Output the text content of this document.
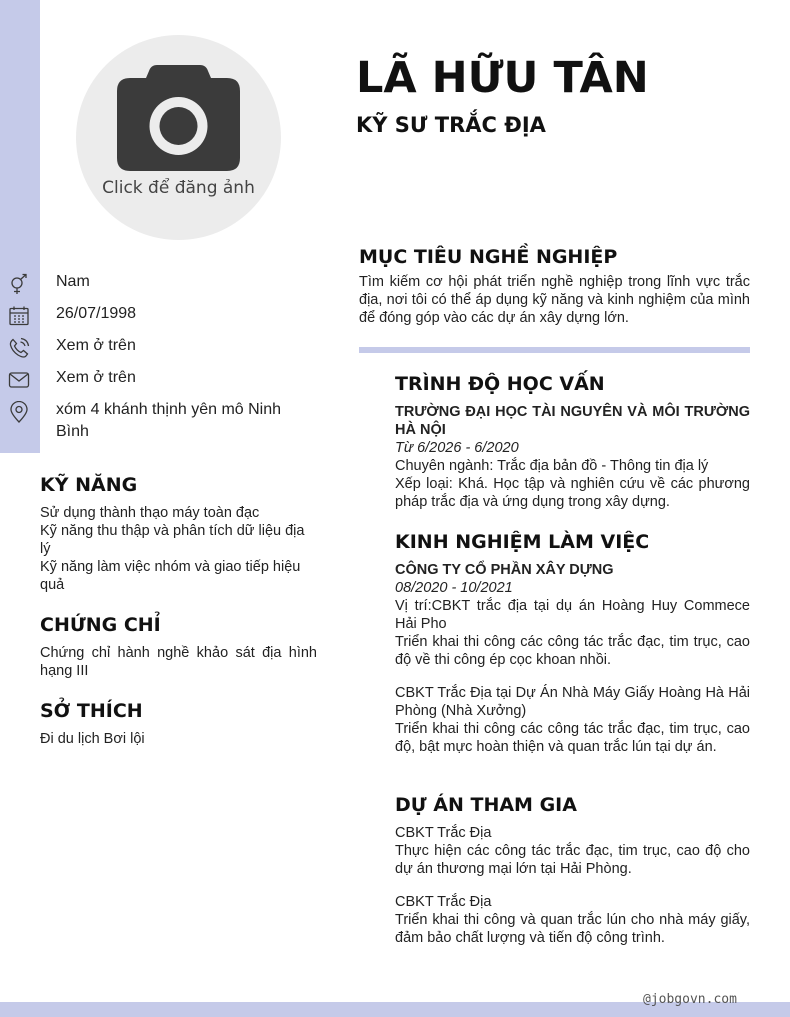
Click để đăng ảnh
LÃ HỮU TÂN
KỸ SƯ TRẮC ĐỊA
Nam
26/07/1998
Xem ở trên
Xem ở trên
xóm 4 khánh thịnh yên mô Ninh Bình
KỸ NĂNG
Sử dụng thành thạo máy toàn đạc
Kỹ năng thu thập và phân tích dữ liệu địa lý
Kỹ năng làm việc nhóm và giao tiếp hiệu quả
CHỨNG CHỈ
Chứng chỉ hành nghề khảo sát địa hình hạng III
SỞ THÍCH
Đi du lịch Bơi lội
MỤC TIÊU NGHỀ NGHIỆP
Tìm kiếm cơ hội phát triển nghề nghiệp trong lĩnh vực trắc địa, nơi tôi có thể áp dụng kỹ năng và kinh nghiệm của mình để đóng góp vào các dự án xây dựng lớn.
TRÌNH ĐỘ HỌC VẤN
TRƯỜNG ĐẠI HỌC TÀI NGUYÊN VÀ MÔI TRƯỜNG HÀ NỘI
Từ 6/2026 - 6/2020
Chuyên ngành: Trắc địa bản đồ - Thông tin địa lý
Xếp loại: Khá. Học tập và nghiên cứu về các phương pháp trắc địa và ứng dụng trong xây dựng.
KINH NGHIỆM LÀM VIỆC
CÔNG TY CỔ PHẦN XÂY DỰNG
08/2020 - 10/2021
Vị trí:CBKT trắc địa tại dụ án Hoàng Huy Commece Hải Pho
Triển khai thi công các công tác trắc đạc, tim trục, cao độ về thi công ép cọc khoan nhồi.
CBKT Trắc Địa tại Dự Án Nhà Máy Giấy Hoàng Hà Hải Phòng (Nhà Xưởng)
Triển khai thi công các công tác trắc đạc, tim trục, cao độ, bật mực hoàn thiện và quan trắc lún tại dự án.
DỰ ÁN THAM GIA
CBKT Trắc Địa
Thực hiện các công tác trắc đạc, tim trục, cao độ cho dự án thương mại lớn tại Hải Phòng.
CBKT Trắc Địa
Triển khai thi công và quan trắc lún cho nhà máy giấy, đảm bảo chất lượng và tiến độ công trình.
@jobgovn.com
